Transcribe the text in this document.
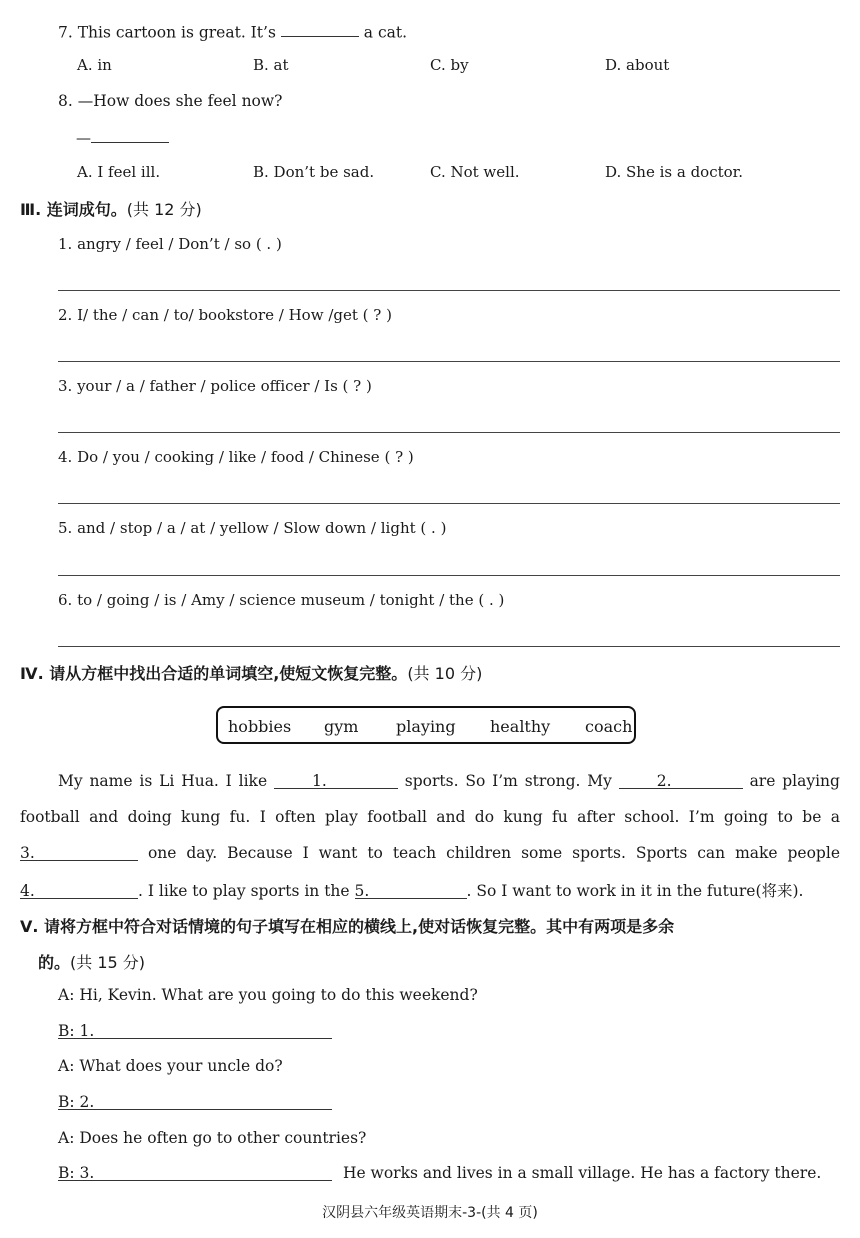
7. This cartoon is great. It’s	a cat.
A. in	B. at	C. by	D. about
8. —How does she feel now?
—
A. I feel ill.	B. Don’t be sad.	C. Not well.	D. She is a doctor.
Ⅲ. 连词成句。(共 12 分)
1. angry / feel / Don’t / so ( . )
2. I/ the / can / to/ bookstore / How /get ( ? )
3. your / a / father / police officer / Is ( ? )
4. Do / you / cooking / like / food / Chinese ( ? )
5. and / stop / a / at / yellow / Slow down / light ( . )
6. to / going / is / Amy / science museum / tonight / the ( . )
Ⅳ. 请从方框中找出合适的单词填空,使短文恢复完整。(共 10 分)
hobbies gym playing healthy coach
My name is Li Hua. I like	1.	sports. So I’m strong. My	2.	are playing
football and doing kung fu. I often play football and do kung fu after school. I’m going to be a
3.	one day. Because I want to teach children some sports. Sports can make people
4.	. I like to play sports in the 5.	. So I want to work in it in the future(将来).
Ⅴ. 请将方框中符合对话情境的句子填写在相应的横线上,使对话恢复完整。其中有两项是多余
的。(共 15 分)
A: Hi, Kevin. What are you going to do this weekend?
B: 1.
A: What does your uncle do?
B: 2.
A: Does he often go to other countries?
B: 3.	He works and lives in a small village. He has a factory there.
汉阴县六年级英语期末-3-(共 4 页)
